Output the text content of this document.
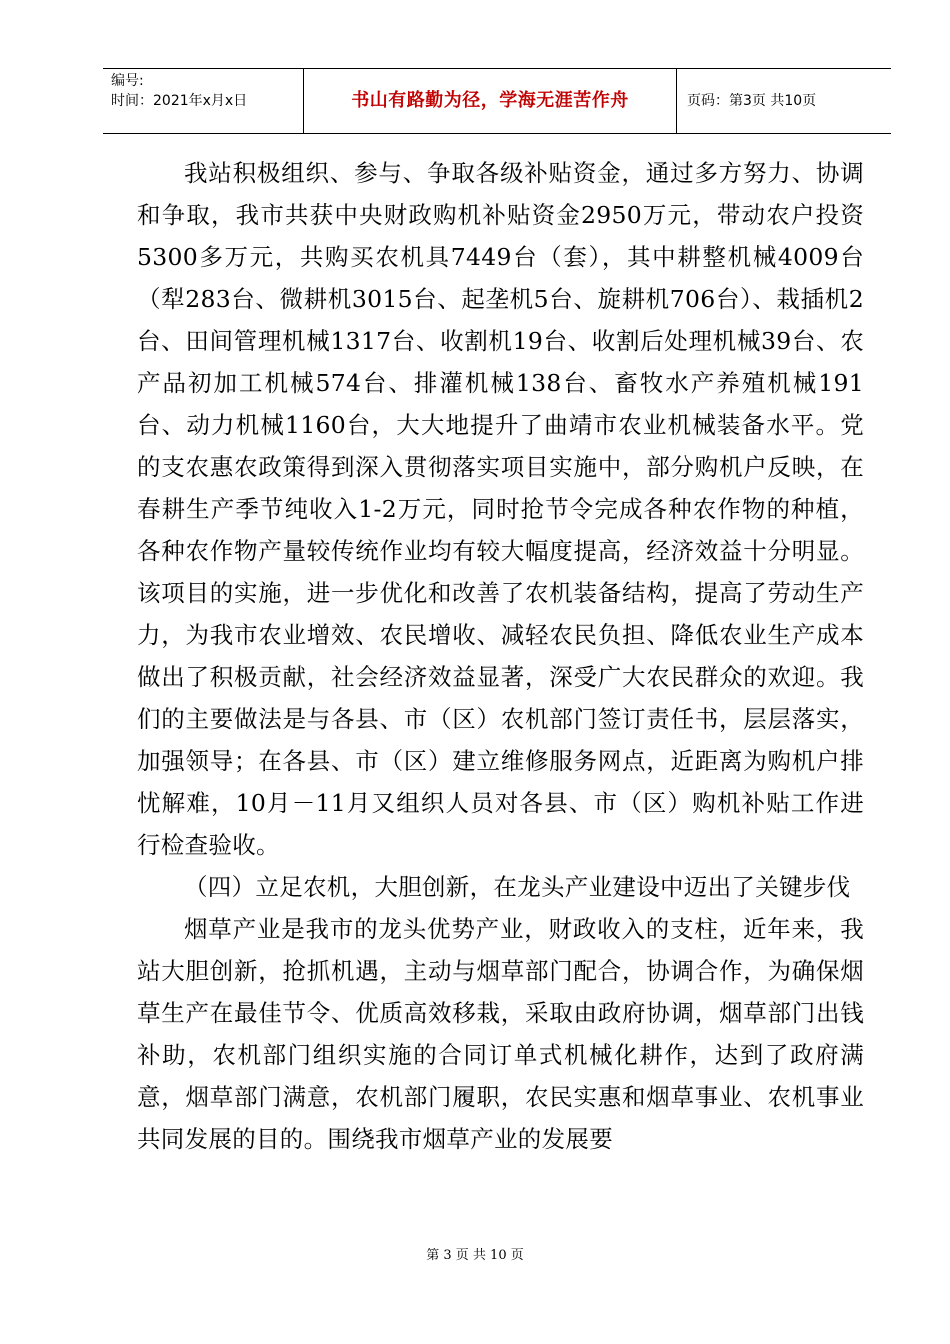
编号:
时间：2021年x月x日	书山有路勤为径，学海无涯苦作舟	页码：第3页 共10页

我站积极组织、参与、争取各级补贴资金，通过多方努力、协调和争取，我市共获中央财政购机补贴资金2950万元，带动农户投资5300多万元，共购买农机具7449台（套），其中耕整机械4009台（犁283台、微耕机3015台、起垄机5台、旋耕机706台）、栽插机2台、田间管理机械1317台、收割机19台、收割后处理机械39台、农产品初加工机械574台、排灌机械138台、畜牧水产养殖机械191台、动力机械1160台，大大地提升了曲靖市农业机械装备水平。党的支农惠农政策得到深入贯彻落实项目实施中，部分购机户反映，在春耕生产季节纯收入1-2万元，同时抢节令完成各种农作物的种植，各种农作物产量较传统作业均有较大幅度提高，经济效益十分明显。该项目的实施，进一步优化和改善了农机装备结构，提高了劳动生产力，为我市农业增效、农民增收、减轻农民负担、降低农业生产成本做出了积极贡献，社会经济效益显著，深受广大农民群众的欢迎。我们的主要做法是与各县、市（区）农机部门签订责任书，层层落实，加强领导；在各县、市（区）建立维修服务网点，近距离为购机户排忧解难，10月－11月又组织人员对各县、市（区）购机补贴工作进行检查验收。

（四）立足农机，大胆创新，在龙头产业建设中迈出了关键步伐

烟草产业是我市的龙头优势产业，财政收入的支柱，近年来，我站大胆创新，抢抓机遇，主动与烟草部门配合，协调合作，为确保烟草生产在最佳节令、优质高效移栽，采取由政府协调，烟草部门出钱补助，农机部门组织实施的合同订单式机械化耕作，达到了政府满意，烟草部门满意，农机部门履职，农民实惠和烟草事业、农机事业共同发展的目的。围绕我市烟草产业的发展要

第 3 页 共 10 页
